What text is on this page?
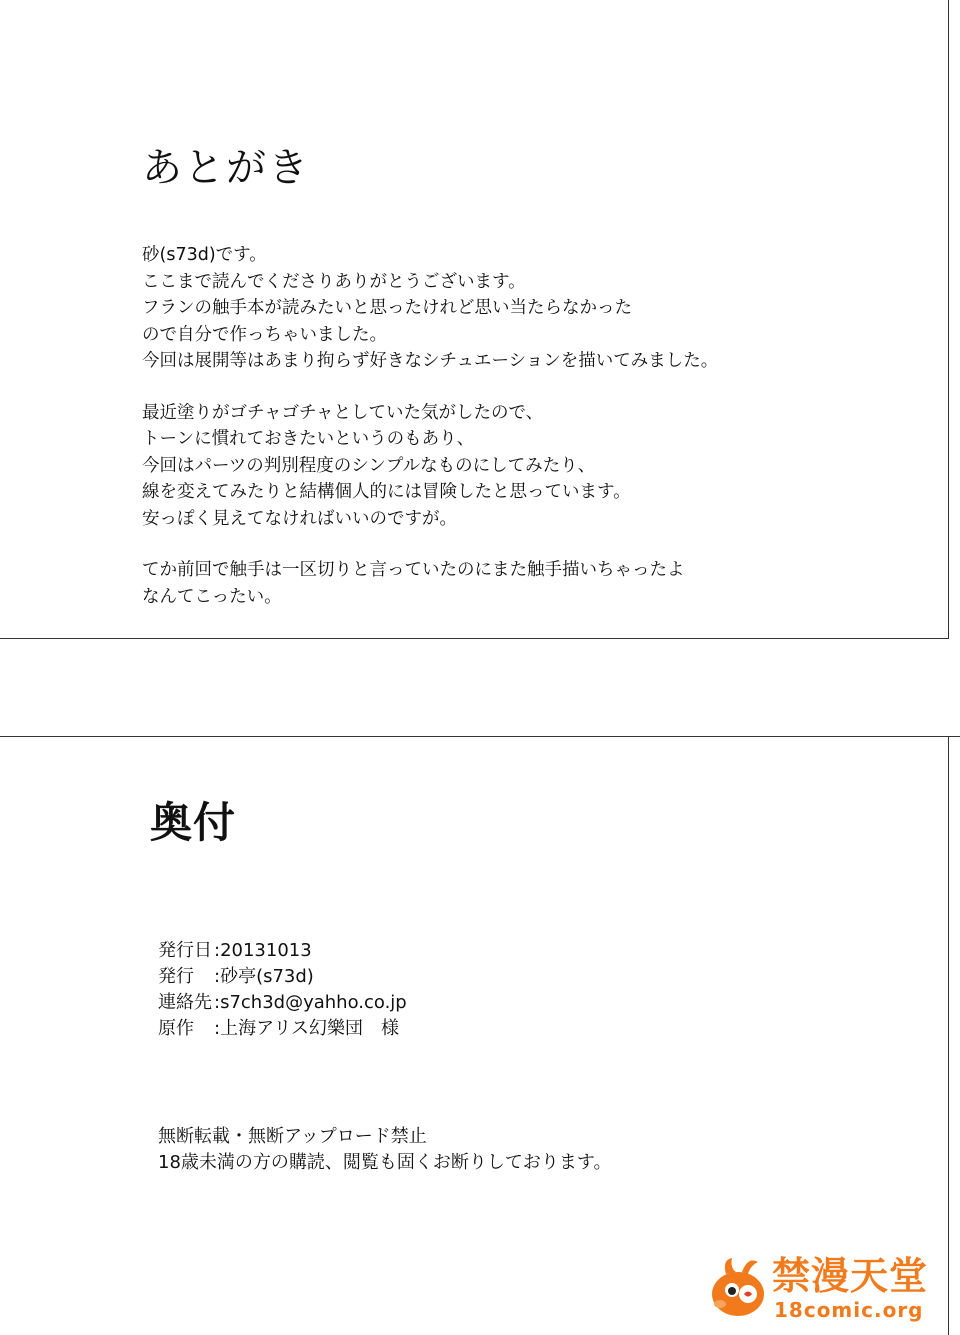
あとがき
砂(s73d)です。
ここまで読んでくださりありがとうございます。
フランの触手本が読みたいと思ったけれど思い当たらなかった
ので自分で作っちゃいました。
今回は展開等はあまり拘らず好きなシチュエーションを描いてみました。
最近塗りがゴチャゴチャとしていた気がしたので、
トーンに慣れておきたいというのもあり、
今回はパーツの判別程度のシンプルなものにしてみたり、
線を変えてみたりと結構個人的には冒険したと思っています。
安っぽく見えてなければいいのですが。
てか前回で触手は一区切りと言っていたのにまた触手描いちゃったよ
なんてこったい。
奥付
発行日 :20131013
発行　 :砂亭(s73d)
連絡先 :s7ch3d@yahho.co.jp
原作　 :上海アリス幻樂団　様
無断転載・無断アップロード禁止
18歳未満の方の購読、閲覧も固くお断りしております。
禁漫天堂
18comic.org
